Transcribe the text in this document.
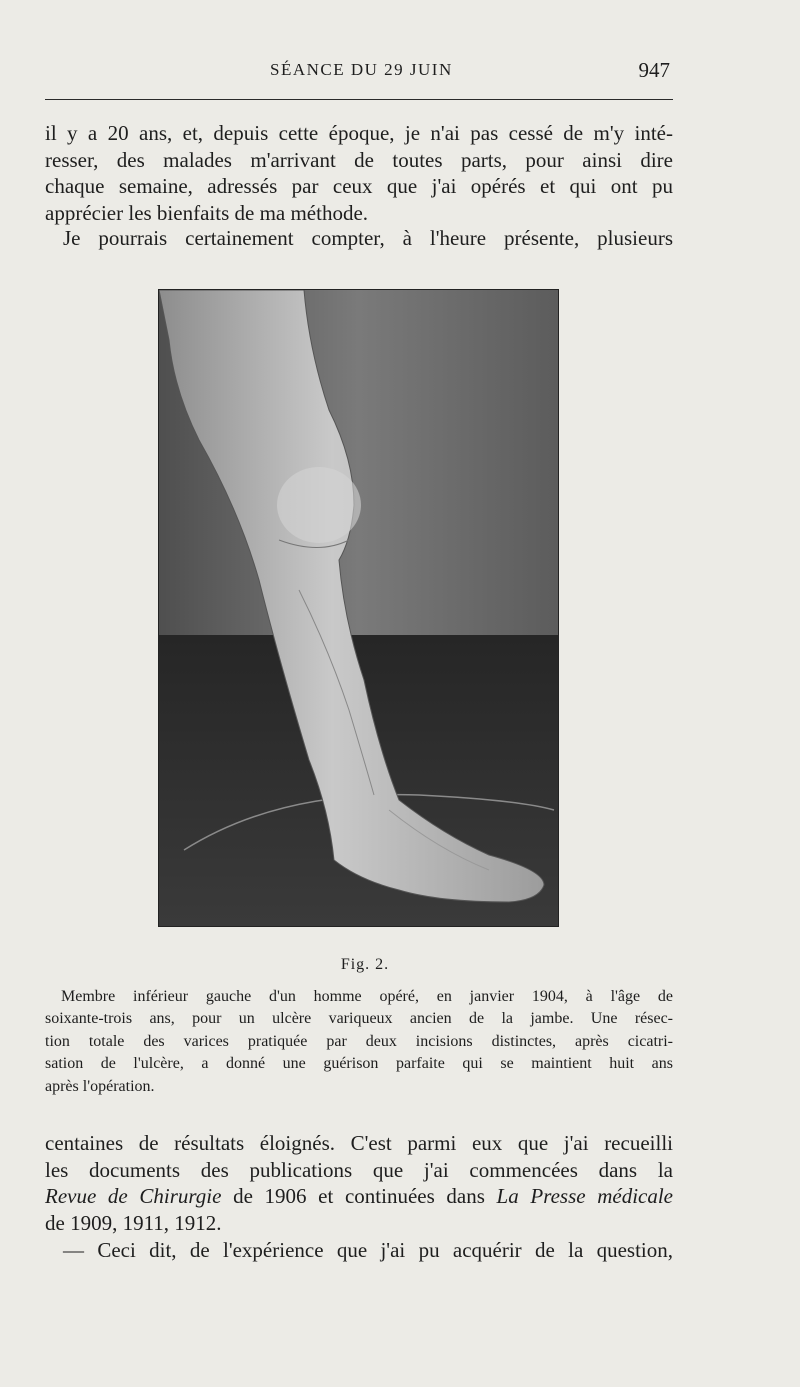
SÉANCE DU 29 JUIN	947
il y a 20 ans, et, depuis cette époque, je n'ai pas cessé de m'y inté-
resser, des malades m'arrivant de toutes parts, pour ainsi dire
chaque semaine, adressés par ceux que j'ai opérés et qui ont pu
apprécier les bienfaits de ma méthode.
Je pourrais certainement compter, à l'heure présente, plusieurs
Fig. 2.
Membre inférieur gauche d'un homme opéré, en janvier 1904, à l'âge de
soixante-trois ans, pour un ulcère variqueux ancien de la jambe. Une résec-
tion totale des varices pratiquée par deux incisions distinctes, après cicatri-
sation de l'ulcère, a donné une guérison parfaite qui se maintient huit ans
après l'opération.
centaines de résultats éloignés. C'est parmi eux que j'ai recueilli
les documents des publications que j'ai commencées dans la
Revue de Chirurgie de 1906 et continuées dans La Presse médicale
de 1909, 1911, 1912.
— Ceci dit, de l'expérience que j'ai pu acquérir de la question,
